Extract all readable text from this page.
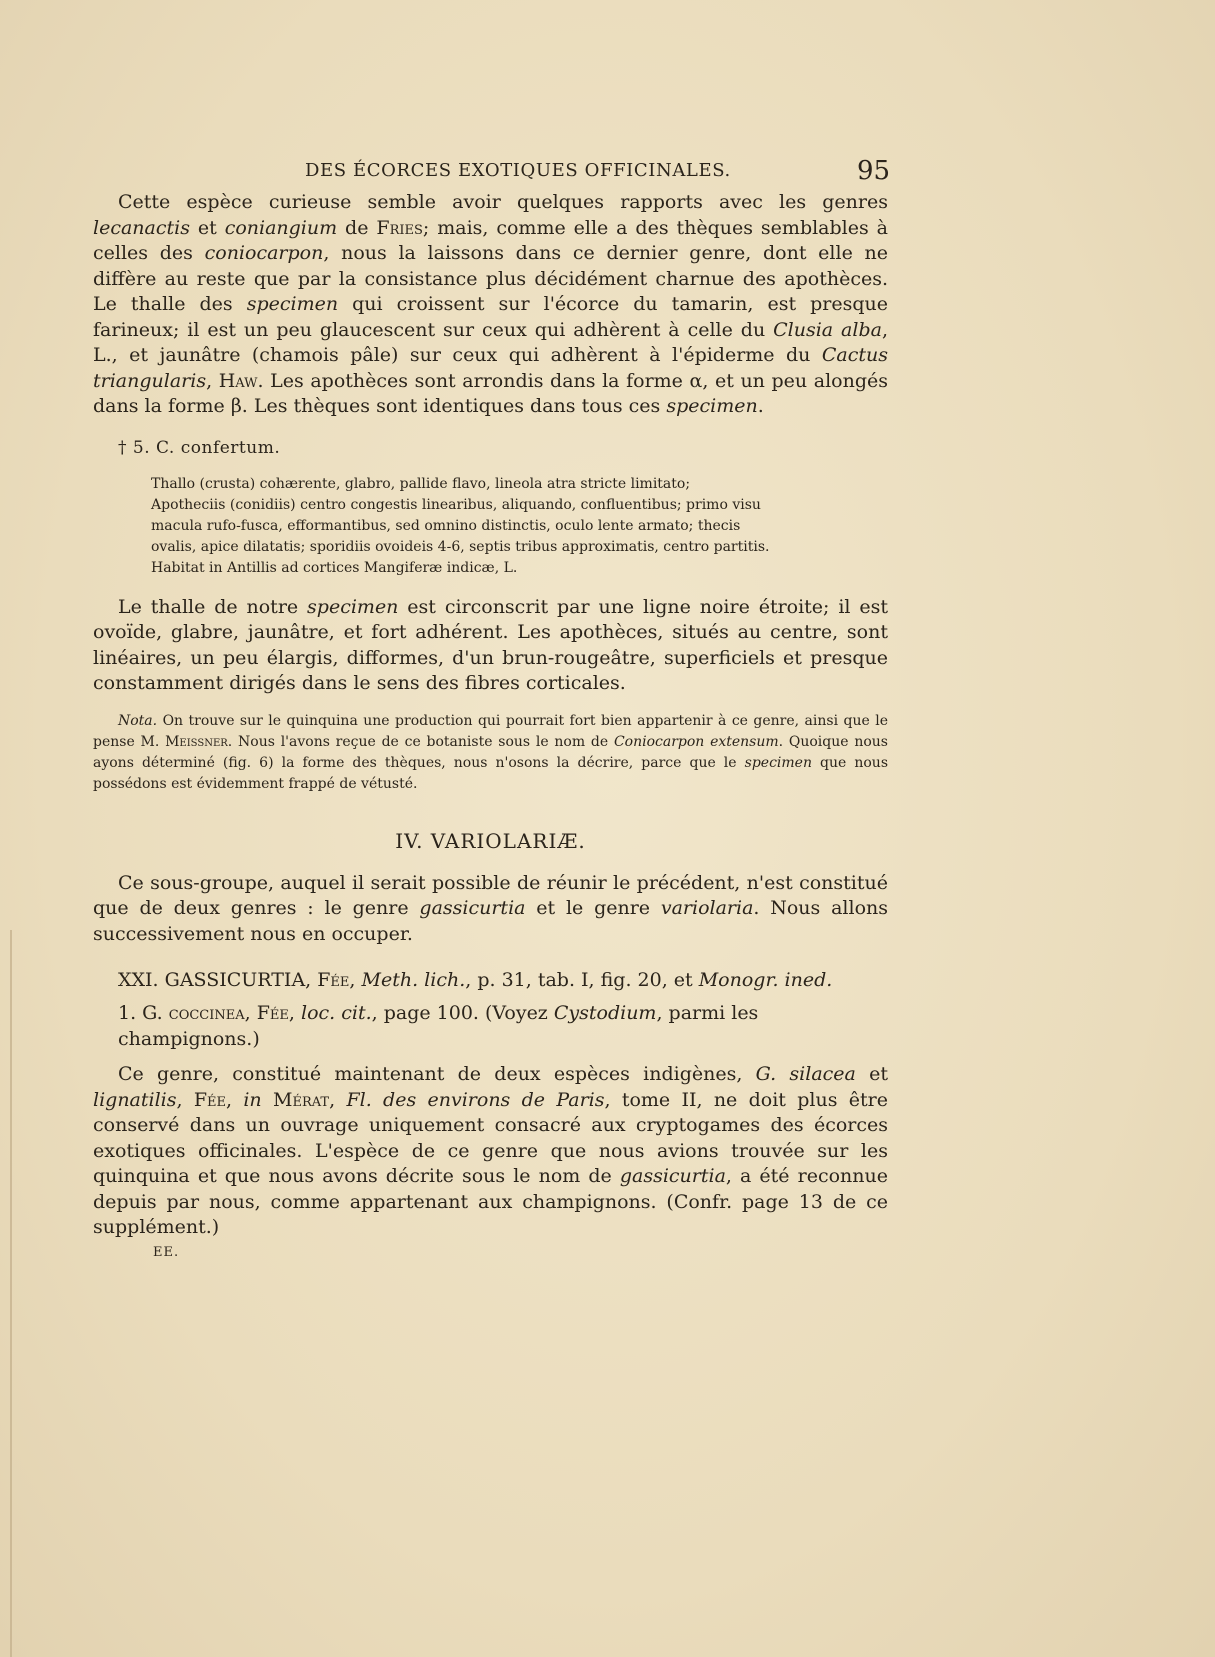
DES ÉCORCES EXOTIQUES OFFICINALES.	95

Cette espèce curieuse semble avoir quelques rapports avec les genres lecanactis et coniangium de Fries; mais, comme elle a des thèques semblables à celles des coniocarpon, nous la laissons dans ce dernier genre, dont elle ne diffère au reste que par la consistance plus décidément charnue des apothèces. Le thalle des specimen qui croissent sur l'écorce du tamarin, est presque farineux; il est un peu glaucescent sur ceux qui adhèrent à celle du Clusia alba, L., et jaunâtre (chamois pâle) sur ceux qui adhèrent à l'épiderme du Cactus triangularis, Haw. Les apothèces sont arrondis dans la forme α, et un peu alongés dans la forme β. Les thèques sont identiques dans tous ces specimen.

† 5. C. confertum.
Thallo (crusta) cohærente, glabro, pallide flavo, lineola atra stricte limitato;
Apotheciis (conidiis) centro congestis linearibus, aliquando, confluentibus; primo visu
macula rufo-fusca, efformantibus, sed omnino distinctis, oculo lente armato; thecis
ovalis, apice dilatatis; sporidiis ovoideis 4-6, septis tribus approximatis, centro partitis.
Habitat in Antillis ad cortices Mangiferæ indicæ, L.

Le thalle de notre specimen est circonscrit par une ligne noire étroite; il est ovoïde, glabre, jaunâtre, et fort adhérent. Les apothèces, situés au centre, sont linéaires, un peu élargis, difformes, d'un brun-rougeâtre, superficiels et presque constamment dirigés dans le sens des fibres corticales.

Nota. On trouve sur le quinquina une production qui pourrait fort bien appartenir à ce genre, ainsi que le pense M. Meissner. Nous l'avons reçue de ce botaniste sous le nom de Coniocarpon extensum. Quoique nous ayons déterminé (fig. 6) la forme des thèques, nous n'osons la décrire, parce que le specimen que nous possédons est évidemment frappé de vétusté.

IV. VARIOLARIÆ.

Ce sous-groupe, auquel il serait possible de réunir le précédent, n'est constitué que de deux genres : le genre gassicurtia et le genre variolaria. Nous allons successivement nous en occuper.

XXI. GASSICURTIA, Fée, Meth. lich., p. 31, tab. I, fig. 20, et Monogr. ined.
1. G. coccinea, Fée, loc. cit., page 100. (Voyez Cystodium, parmi les champignons.)

Ce genre, constitué maintenant de deux espèces indigènes, G. silacea et lignatilis, Fée, in Mérat, Fl. des environs de Paris, tome II, ne doit plus être conservé dans un ouvrage uniquement consacré aux cryptogames des écorces exotiques officinales. L'espèce de ce genre que nous avions trouvée sur les quinquina et que nous avons décrite sous le nom de gassicurtia, a été reconnue depuis par nous, comme appartenant aux champignons. (Confr. page 13 de ce supplément.)

EE.
